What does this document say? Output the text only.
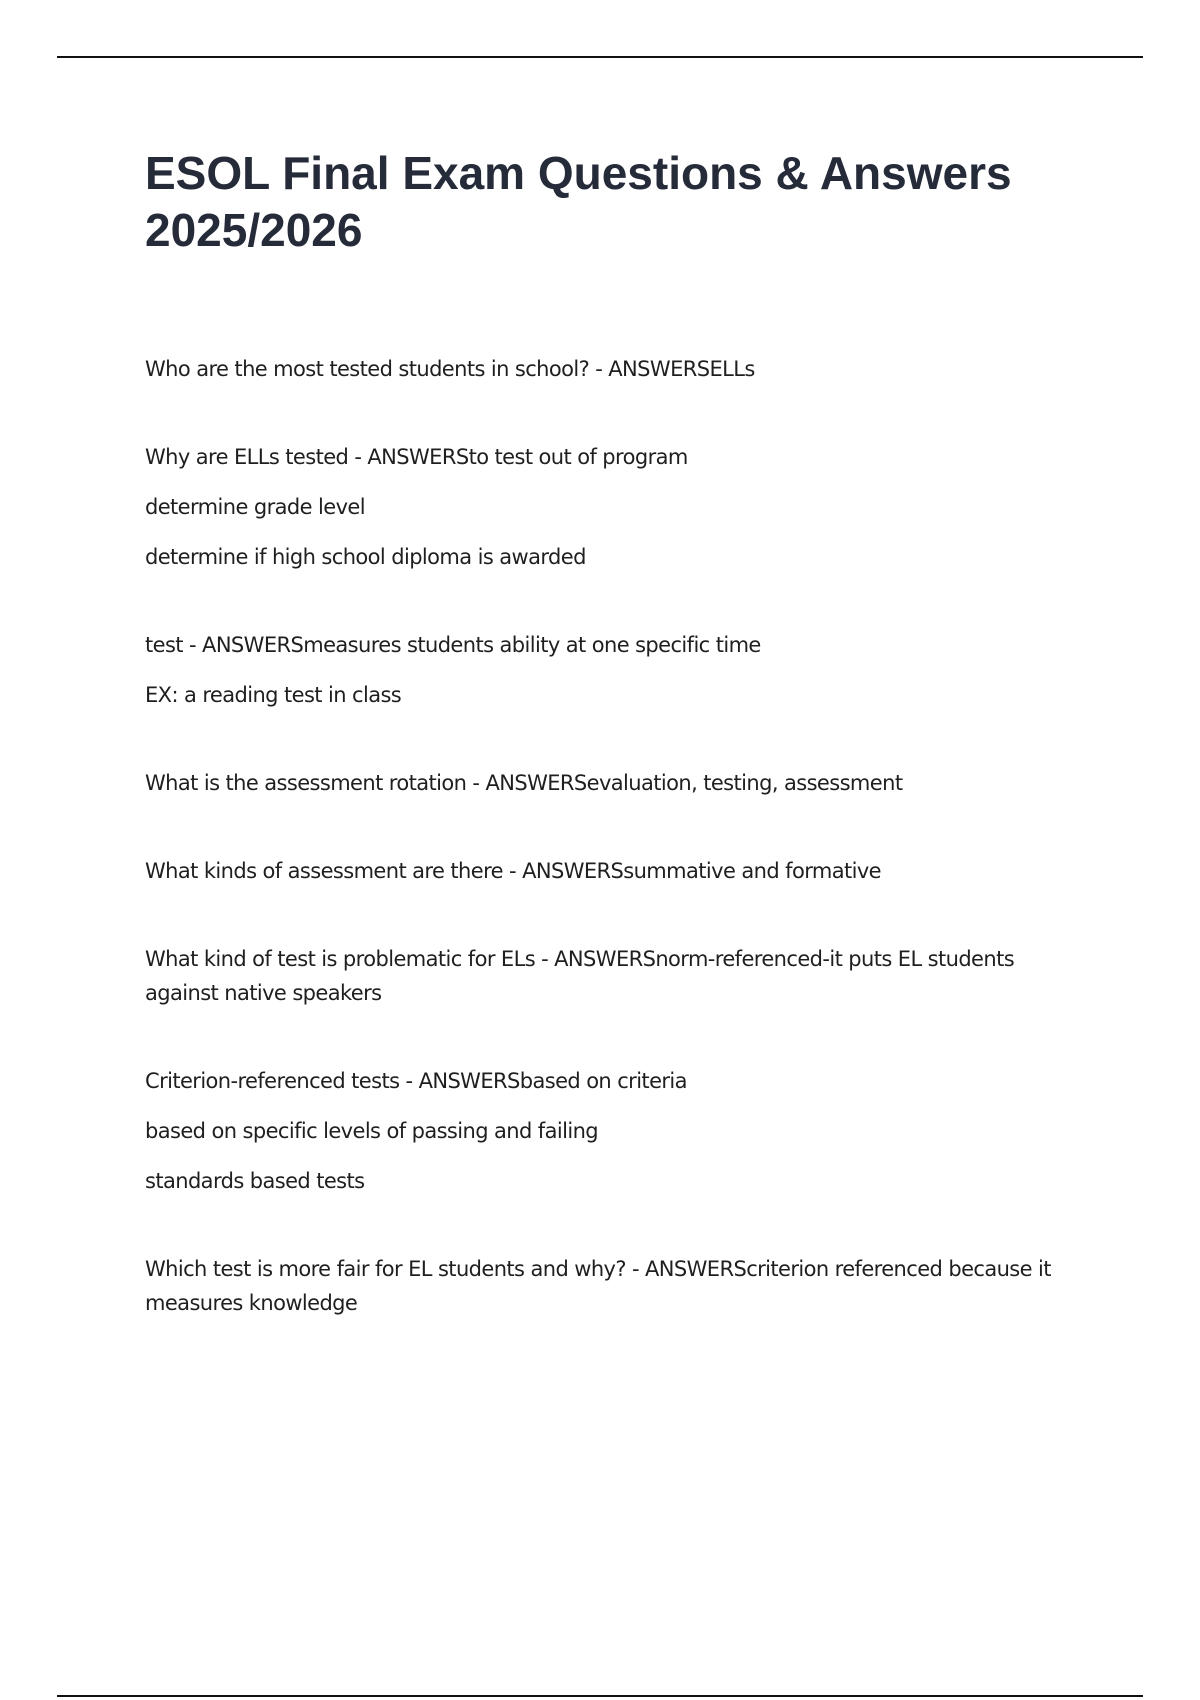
ESOL Final Exam Questions & Answers 2025/2026

Who are the most tested students in school? - ANSWERSELLs

Why are ELLs tested - ANSWERSto test out of program

determine grade level

determine if high school diploma is awarded

test - ANSWERSmeasures students ability at one specific time

EX: a reading test in class

What is the assessment rotation - ANSWERSevaluation, testing, assessment

What kinds of assessment are there - ANSWERSsummative and formative

What kind of test is problematic for ELs - ANSWERSnorm-referenced-it puts EL students against native speakers

Criterion-referenced tests - ANSWERSbased on criteria

based on specific levels of passing and failing

standards based tests

Which test is more fair for EL students and why? - ANSWERScriterion referenced because it measures knowledge
